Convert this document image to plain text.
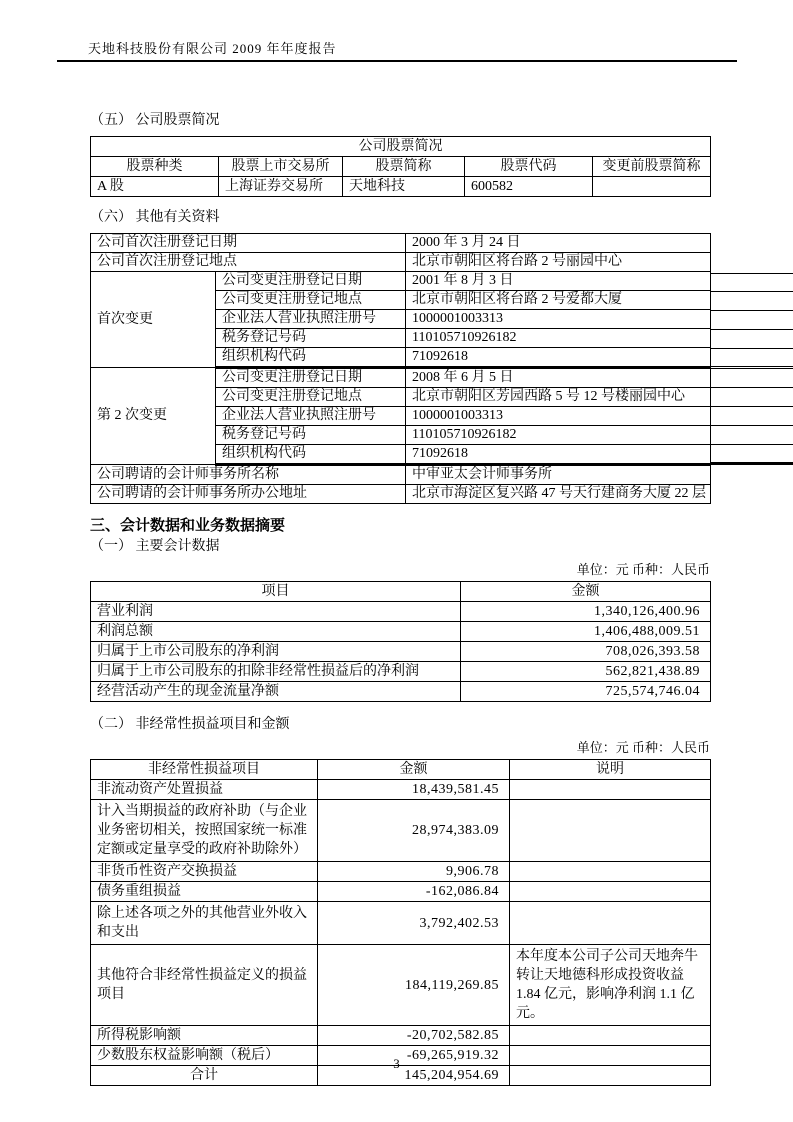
天地科技股份有限公司 2009 年年度报告
（五） 公司股票简况
公司股票简况				
股票种类	股票上市交易所	股票简称	股票代码	变更前股票简称
A 股	上海证券交易所	天地科技	600582	
（六） 其他有关资料
公司首次注册登记日期		2000 年 3 月 24 日
公司首次注册登记地点		北京市朝阳区将台路 2 号丽园中心
首次变更	公司变更注册登记日期	2001 年 8 月 3 日
	公司变更注册登记地点	北京市朝阳区将台路 2 号爱都大厦
	企业法人营业执照注册号	1000001003313
	税务登记号码	110105710926182
	组织机构代码	71092618
第 2 次变更	公司变更注册登记日期	2008 年 6 月 5 日
	公司变更注册登记地点	北京市朝阳区芳园西路 5 号 12 号楼丽园中心
	企业法人营业执照注册号	1000001003313
	税务登记号码	110105710926182
	组织机构代码	71092618
公司聘请的会计师事务所名称		中审亚太会计师事务所
公司聘请的会计师事务所办公地址		北京市海淀区复兴路 47 号天行建商务大厦 22 层
三、会计数据和业务数据摘要
（一） 主要会计数据
单位：元 币种：人民币
项目	金额
营业利润	1,340,126,400.96
利润总额	1,406,488,009.51
归属于上市公司股东的净利润	708,026,393.58
归属于上市公司股东的扣除非经常性损益后的净利润	562,821,438.89
经营活动产生的现金流量净额	725,574,746.04
（二） 非经常性损益项目和金额
单位：元 币种：人民币
非经常性损益项目	金额	说明
非流动资产处置损益	18,439,581.45	
计入当期损益的政府补助（与企业业务密切相关，按照国家统一标准定额或定量享受的政府补助除外）	28,974,383.09	
非货币性资产交换损益	9,906.78	
债务重组损益	-162,086.84	
除上述各项之外的其他营业外收入和支出	3,792,402.53	
其他符合非经常性损益定义的损益项目	184,119,269.85	本年度本公司子公司天地奔牛转让天地德科形成投资收益 1.84 亿元，影响净利润 1.1 亿元。
所得税影响额	-20,702,582.85	
少数股东权益影响额（税后）	-69,265,919.32	
合计	145,204,954.69	
3
